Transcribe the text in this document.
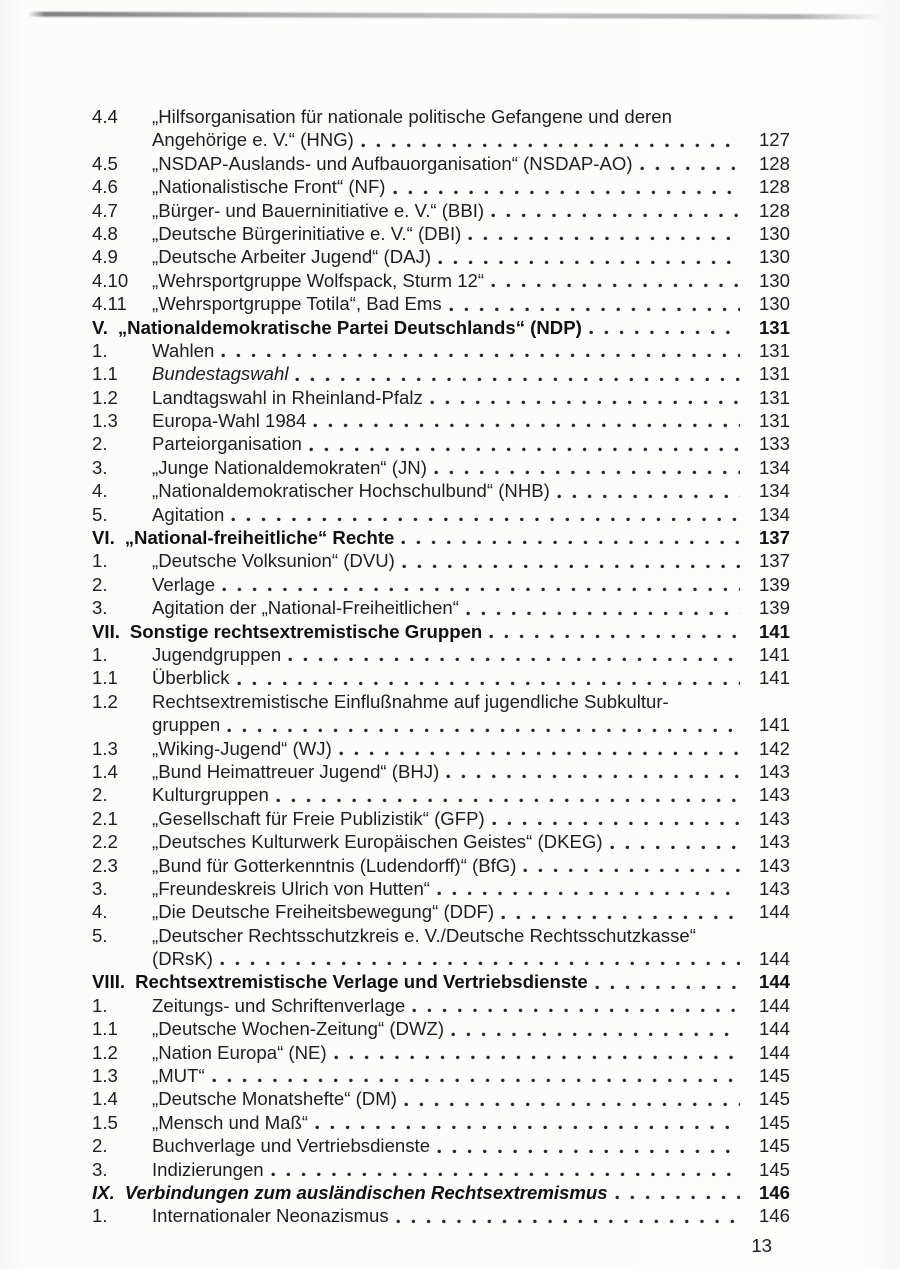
4.4	„Hilfsorganisation für nationale politische Gefangene und deren
Angehörige e. V.“ (HNG)	127
4.5	„NSDAP-Auslands- und Aufbauorganisation“ (NSDAP-AO)	128
4.6	„Nationalistische Front“ (NF)	128
4.7	„Bürger- und Bauerninitiative e. V.“ (BBI)	128
4.8	„Deutsche Bürgerinitiative e. V.“ (DBI)	130
4.9	„Deutsche Arbeiter Jugend“ (DAJ)	130
4.10	„Wehrsportgruppe Wolfspack, Sturm 12“	130
4.11	„Wehrsportgruppe Totila“, Bad Ems	130
V. „Nationaldemokratische Partei Deutschlands“ (NDP)	131
1.	Wahlen	131
1.1	Bundestagswahl	131
1.2	Landtagswahl in Rheinland-Pfalz	131
1.3	Europa-Wahl 1984	131
2.	Parteiorganisation	133
3.	„Junge Nationaldemokraten“ (JN)	134
4.	„Nationaldemokratischer Hochschulbund“ (NHB)	134
5.	Agitation	134
VI. „National-freiheitliche“ Rechte	137
1.	„Deutsche Volksunion“ (DVU)	137
2.	Verlage	139
3.	Agitation der „National-Freiheitlichen“	139
VII. Sonstige rechtsextremistische Gruppen	141
1.	Jugendgruppen	141
1.1	Überblick	141
1.2	Rechtsextremistische Einflußnahme auf jugendliche Subkultur-
gruppen	141
1.3	„Wiking-Jugend“ (WJ)	142
1.4	„Bund Heimattreuer Jugend“ (BHJ)	143
2.	Kulturgruppen	143
2.1	„Gesellschaft für Freie Publizistik“ (GFP)	143
2.2	„Deutsches Kulturwerk Europäischen Geistes“ (DKEG)	143
2.3	„Bund für Gotterkenntnis (Ludendorff)“ (BfG)	143
3.	„Freundeskreis Ulrich von Hutten“	143
4.	„Die Deutsche Freiheitsbewegung“ (DDF)	144
5.	„Deutscher Rechtsschutzkreis e. V./Deutsche Rechtsschutzkasse“
(DRsK)	144
VIII. Rechtsextremistische Verlage und Vertriebsdienste	144
1.	Zeitungs- und Schriftenverlage	144
1.1	„Deutsche Wochen-Zeitung“ (DWZ)	144
1.2	„Nation Europa“ (NE)	144
1.3	„MUT“	145
1.4	„Deutsche Monatshefte“ (DM)	145
1.5	„Mensch und Maß“	145
2.	Buchverlage und Vertriebsdienste	145
3.	Indizierungen	145
IX. Verbindungen zum ausländischen Rechtsextremismus	146
1.	Internationaler Neonazismus	146
13
